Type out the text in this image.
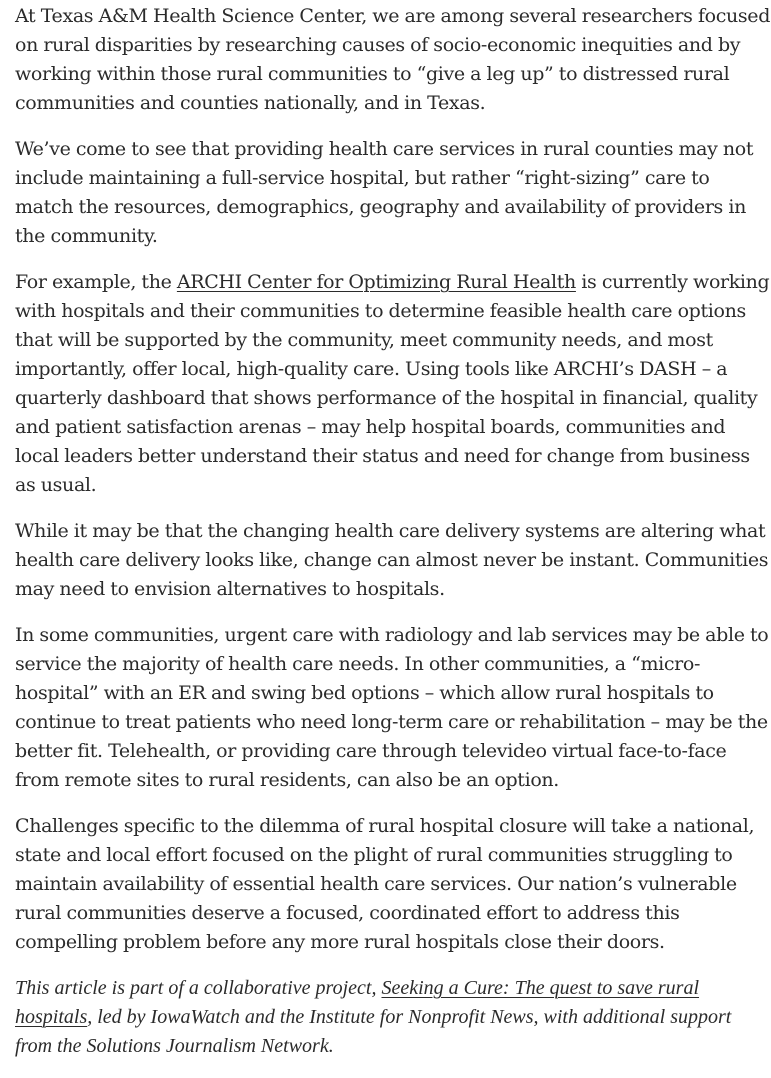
At Texas A&M Health Science Center, we are among several researchers focused on rural disparities by researching causes of socio-economic inequities and by working within those rural communities to “give a leg up” to distressed rural communities and counties nationally, and in Texas.

We’ve come to see that providing health care services in rural counties may not include maintaining a full-service hospital, but rather “right-sizing” care to match the resources, demographics, geography and availability of providers in the community.

For example, the ARCHI Center for Optimizing Rural Health is currently working with hospitals and their communities to determine feasible health care options that will be supported by the community, meet community needs, and most importantly, offer local, high-quality care. Using tools like ARCHI’s DASH – a quarterly dashboard that shows performance of the hospital in financial, quality and patient satisfaction arenas – may help hospital boards, communities and local leaders better understand their status and need for change from business as usual.

While it may be that the changing health care delivery systems are altering what health care delivery looks like, change can almost never be instant. Communities may need to envision alternatives to hospitals.

In some communities, urgent care with radiology and lab services may be able to service the majority of health care needs. In other communities, a “micro-hospital” with an ER and swing bed options – which allow rural hospitals to continue to treat patients who need long-term care or rehabilitation – may be the better fit. Telehealth, or providing care through televideo virtual face-to-face from remote sites to rural residents, can also be an option.

Challenges specific to the dilemma of rural hospital closure will take a national, state and local effort focused on the plight of rural communities struggling to maintain availability of essential health care services. Our nation’s vulnerable rural communities deserve a focused, coordinated effort to address this compelling problem before any more rural hospitals close their doors.

This article is part of a collaborative project, Seeking a Cure: The quest to save rural hospitals, led by IowaWatch and the Institute for Nonprofit News, with additional support from the Solutions Journalism Network.
